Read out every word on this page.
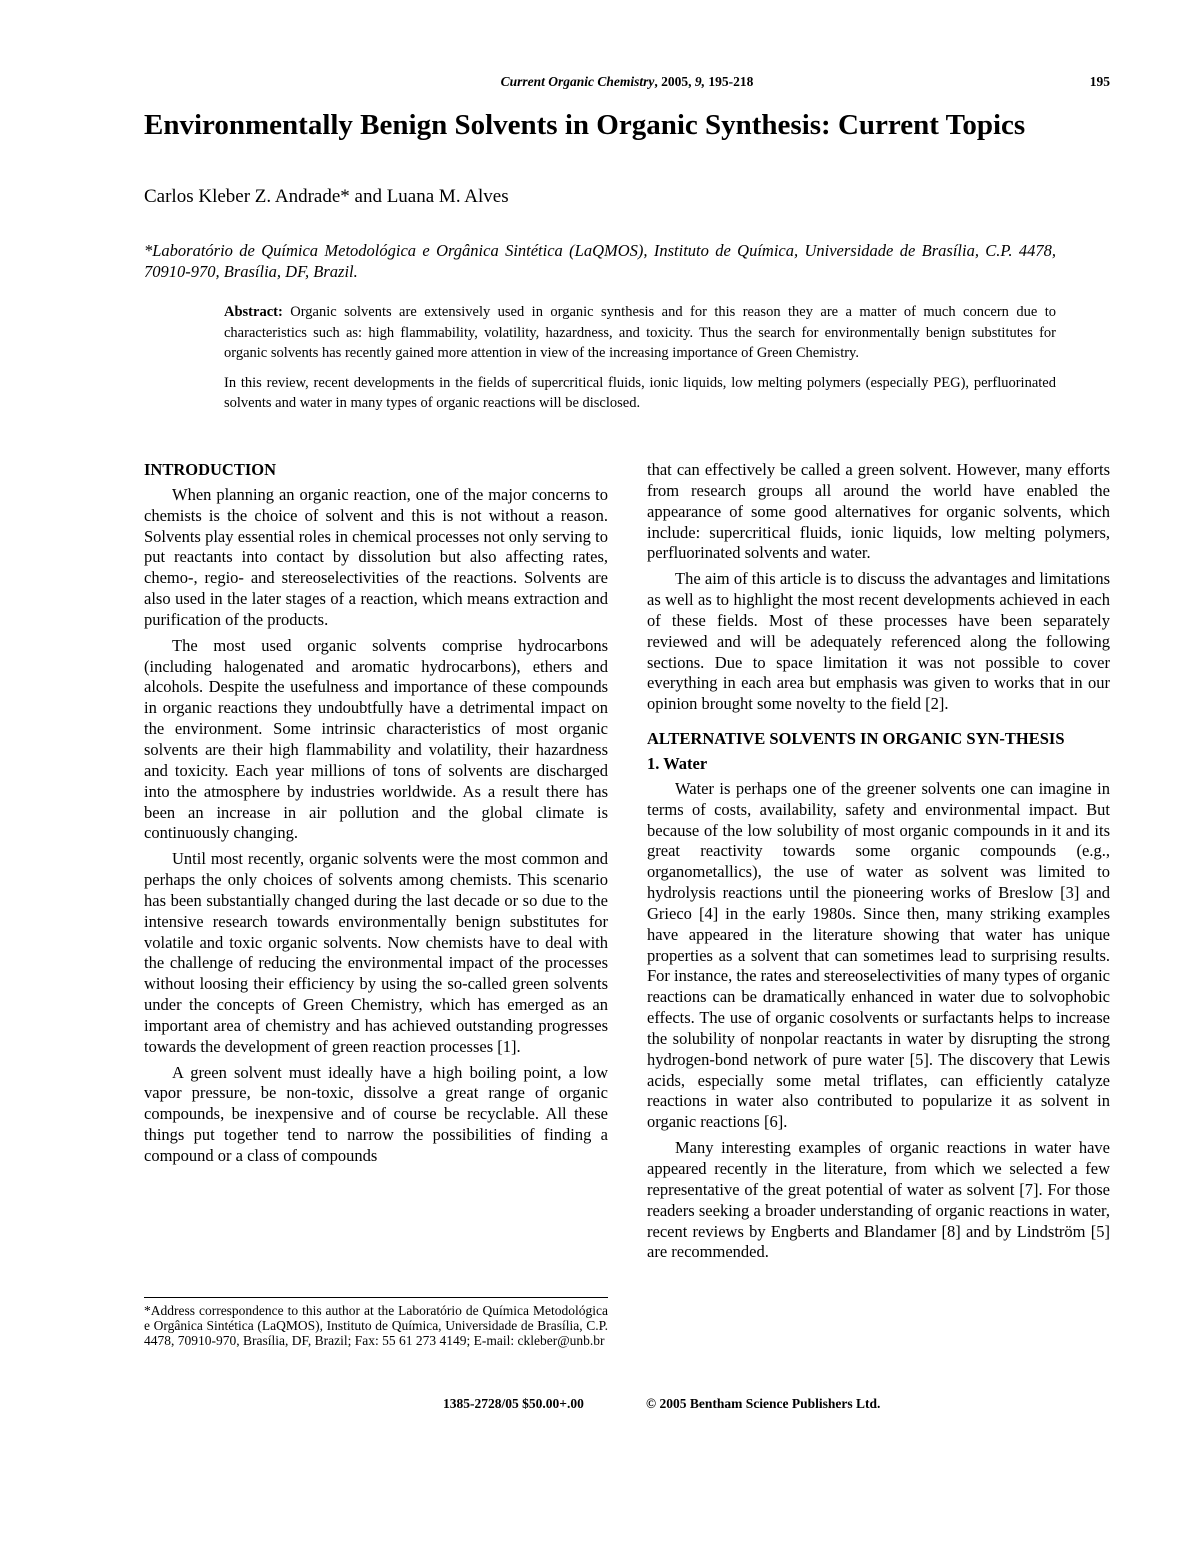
Current Organic Chemistry, 2005, 9, 195-218	195
Environmentally Benign Solvents in Organic Synthesis: Current Topics
Carlos Kleber Z. Andrade* and Luana M. Alves
*Laboratório de Química Metodológica e Orgânica Sintética (LaQMOS), Instituto de Química, Universidade de Brasília, C.P. 4478, 70910-970, Brasília, DF, Brazil.

Abstract: Organic solvents are extensively used in organic synthesis and for this reason they are a matter of much concern due to characteristics such as: high flammability, volatility, hazardness, and toxicity. Thus the search for environmentally benign substitutes for organic solvents has recently gained more attention in view of the increasing importance of Green Chemistry.

In this review, recent developments in the fields of supercritical fluids, ionic liquids, low melting polymers (especially PEG), perfluorinated solvents and water in many types of organic reactions will be disclosed.

INTRODUCTION

When planning an organic reaction, one of the major concerns to chemists is the choice of solvent and this is not without a reason. Solvents play essential roles in chemical processes not only serving to put reactants into contact by dissolution but also affecting rates, chemo-, regio- and stereoselectivities of the reactions. Solvents are also used in the later stages of a reaction, which means extraction and purification of the products.

The most used organic solvents comprise hydrocarbons (including halogenated and aromatic hydrocarbons), ethers and alcohols. Despite the usefulness and importance of these compounds in organic reactions they undoubtfully have a detrimental impact on the environment. Some intrinsic characteristics of most organic solvents are their high flammability and volatility, their hazardness and toxicity. Each year millions of tons of solvents are discharged into the atmosphere by industries worldwide. As a result there has been an increase in air pollution and the global climate is continuously changing.

Until most recently, organic solvents were the most common and perhaps the only choices of solvents among chemists. This scenario has been substantially changed during the last decade or so due to the intensive research towards environmentally benign substitutes for volatile and toxic organic solvents. Now chemists have to deal with the challenge of reducing the environmental impact of the processes without loosing their efficiency by using the so-called green solvents under the concepts of Green Chemistry, which has emerged as an important area of chemistry and has achieved outstanding progresses towards the development of green reaction processes [1].

A green solvent must ideally have a high boiling point, a low vapor pressure, be non-toxic, dissolve a great range of organic compounds, be inexpensive and of course be recyclable. All these things put together tend to narrow the possibilities of finding a compound or a class of compounds

that can effectively be called a green solvent. However, many efforts from research groups all around the world have enabled the appearance of some good alternatives for organic solvents, which include: supercritical fluids, ionic liquids, low melting polymers, perfluorinated solvents and water.

The aim of this article is to discuss the advantages and limitations as well as to highlight the most recent developments achieved in each of these fields. Most of these processes have been separately reviewed and will be adequately referenced along the following sections. Due to space limitation it was not possible to cover everything in each area but emphasis was given to works that in our opinion brought some novelty to the field [2].

ALTERNATIVE SOLVENTS IN ORGANIC SYN-THESIS
1. Water

Water is perhaps one of the greener solvents one can imagine in terms of costs, availability, safety and environmental impact. But because of the low solubility of most organic compounds in it and its great reactivity towards some organic compounds (e.g., organometallics), the use of water as solvent was limited to hydrolysis reactions until the pioneering works of Breslow [3] and Grieco [4] in the early 1980s. Since then, many striking examples have appeared in the literature showing that water has unique properties as a solvent that can sometimes lead to surprising results. For instance, the rates and stereoselectivities of many types of organic reactions can be dramatically enhanced in water due to solvophobic effects. The use of organic cosolvents or surfactants helps to increase the solubility of nonpolar reactants in water by disrupting the strong hydrogen-bond network of pure water [5]. The discovery that Lewis acids, especially some metal triflates, can efficiently catalyze reactions in water also contributed to popularize it as solvent in organic reactions [6].

Many interesting examples of organic reactions in water have appeared recently in the literature, from which we selected a few representative of the great potential of water as solvent [7]. For those readers seeking a broader understanding of organic reactions in water, recent reviews by Engberts and Blandamer [8] and by Lindström [5] are recommended.

*Address correspondence to this author at the Laboratório de Química Metodológica e Orgânica Sintética (LaQMOS), Instituto de Química, Universidade de Brasília, C.P. 4478, 70910-970, Brasília, DF, Brazil; Fax: 55 61 273 4149; E-mail: ckleber@unb.br
1385-2728/05 $50.00+.00	© 2005 Bentham Science Publishers Ltd.
